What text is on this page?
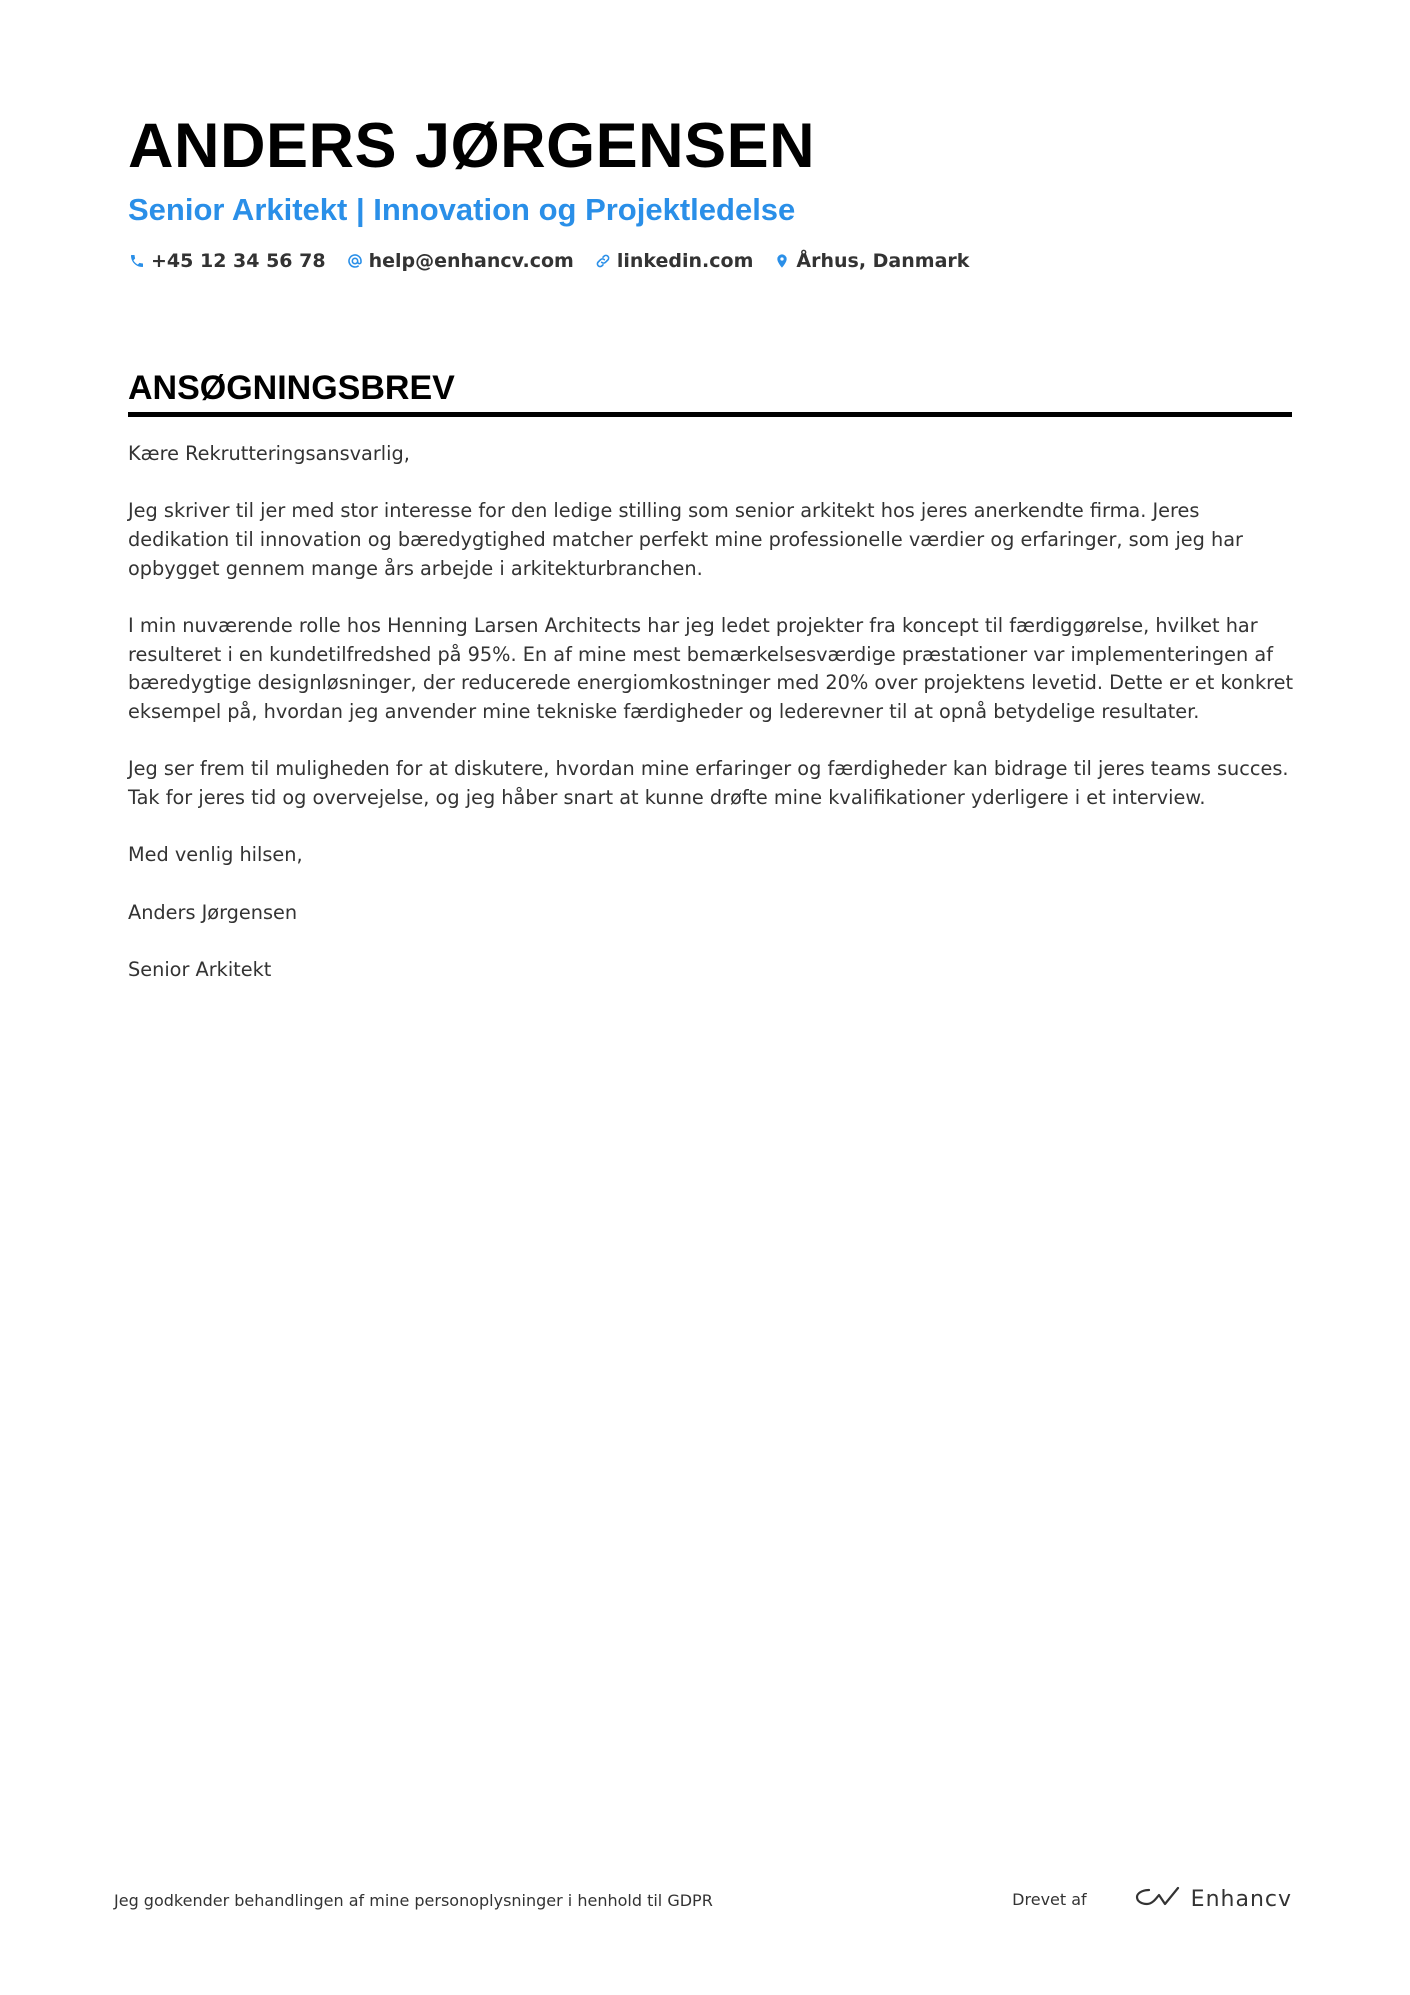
ANDERS JØRGENSEN
Senior Arkitekt | Innovation og Projektledelse
+45 12 34 56 78 help@enhancv.com linkedin.com Århus, Danmark
ANSØGNINGSBREV

Kære Rekrutteringsansvarlig,

Jeg skriver til jer med stor interesse for den ledige stilling som senior arkitekt hos jeres anerkendte firma. Jeres dedikation til innovation og bæredygtighed matcher perfekt mine professionelle værdier og erfaringer, som jeg har opbygget gennem mange års arbejde i arkitekturbranchen.

I min nuværende rolle hos Henning Larsen Architects har jeg ledet projekter fra koncept til færdiggørelse, hvilket har resulteret i en kundetilfredshed på 95%. En af mine mest bemærkelsesværdige præstationer var implementeringen af bæredygtige designløsninger, der reducerede energiomkostninger med 20% over projektens levetid. Dette er et konkret eksempel på, hvordan jeg anvender mine tekniske færdigheder og lederevner til at opnå betydelige resultater.

Jeg ser frem til muligheden for at diskutere, hvordan mine erfaringer og færdigheder kan bidrage til jeres teams succes. Tak for jeres tid og overvejelse, og jeg håber snart at kunne drøfte mine kvalifikationer yderligere i et interview.

Med venlig hilsen,

Anders Jørgensen

Senior Arkitekt

Jeg godkender behandlingen af mine personoplysninger i henhold til GDPR	Drevet af	Enhancv
